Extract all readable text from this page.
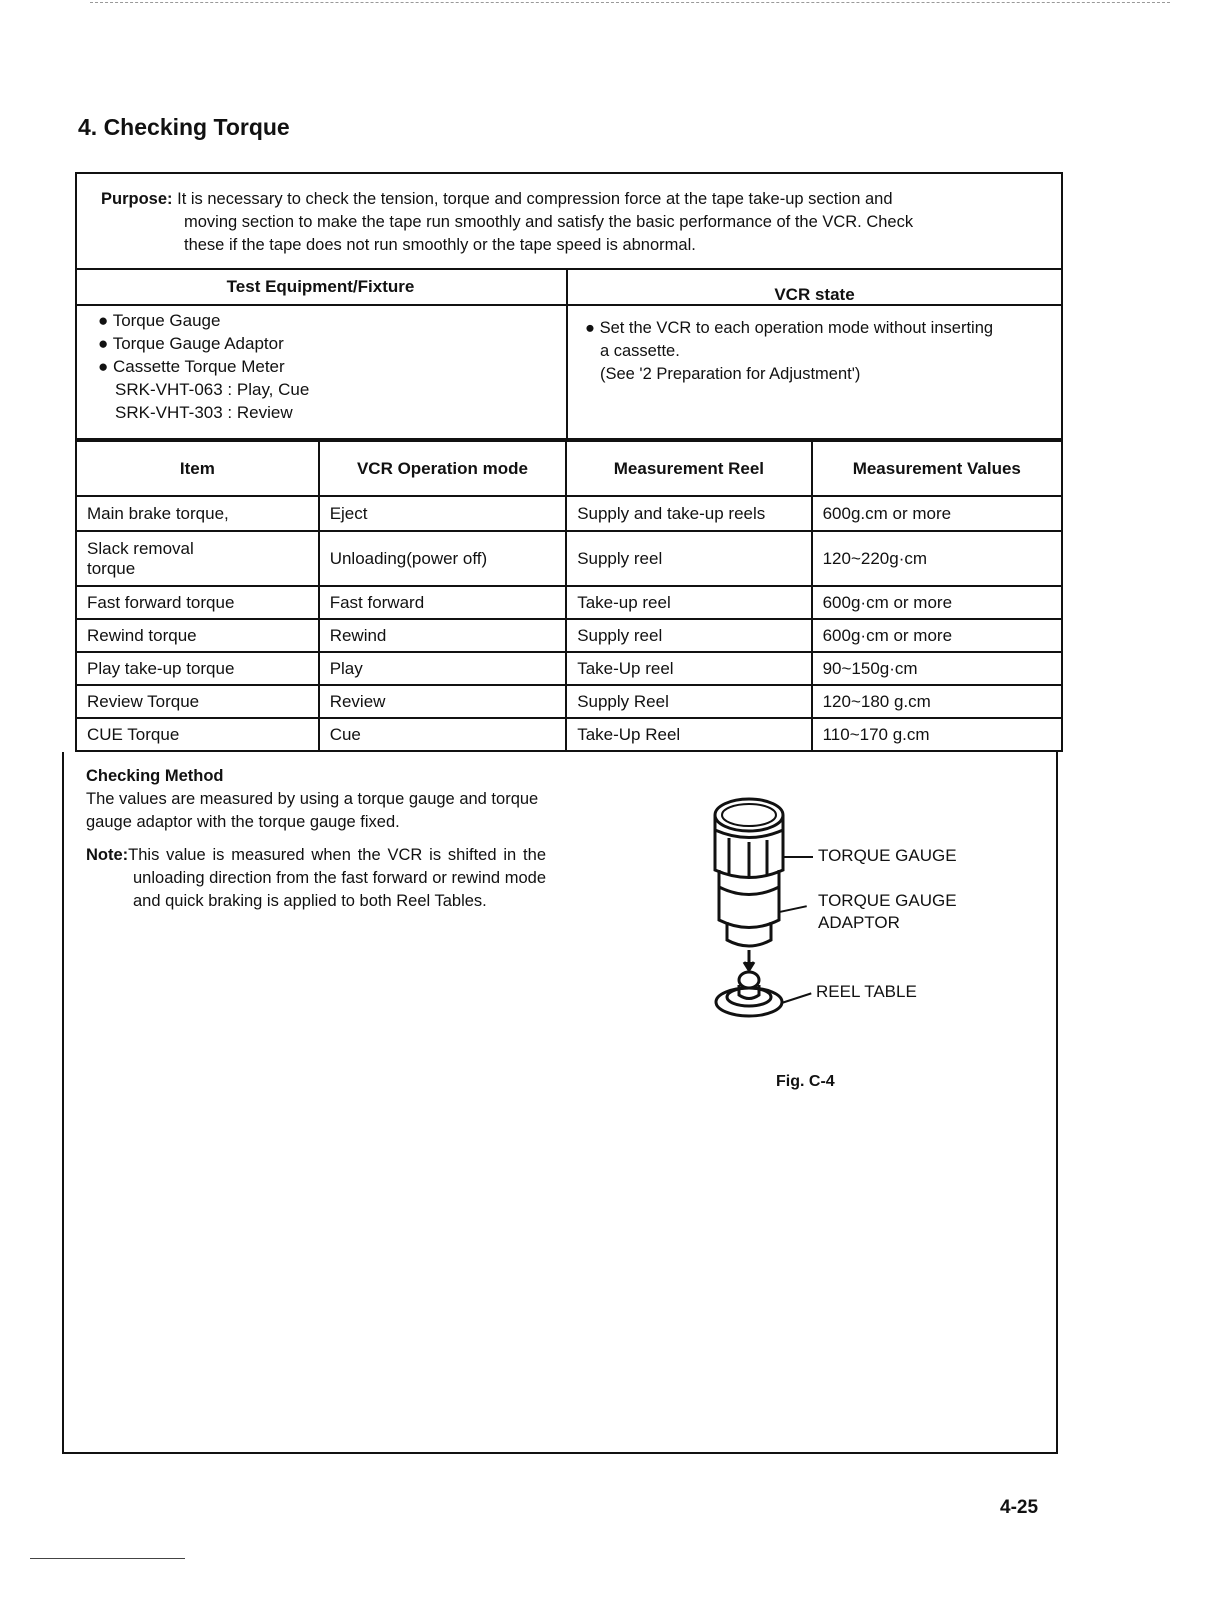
4. Checking Torque
Purpose: It is necessary to check the tension, torque and compression force at the tape take-up section and
moving section to make the tape run smoothly and satisfy the basic performance of the VCR. Check
these if the tape does not run smoothly or the tape speed is abnormal.
Test Equipment/Fixture	VCR state
● Torque Gauge
● Torque Gauge Adaptor
● Cassette Torque Meter
SRK-VHT-063 : Play, Cue
SRK-VHT-303 : Review
● Set the VCR to each operation mode without inserting
a cassette.
(See '2 Preparation for Adjustment')
Item	VCR Operation mode	Measurement Reel	Measurement Values
Main brake torque,	Eject	Supply and take-up reels	600g.cm or more
Slack removal torque	Unloading(power off)	Supply reel	120~220g·cm
Fast forward torque	Fast forward	Take-up reel	600g·cm or more
Rewind torque	Rewind	Supply reel	600g·cm or more
Play take-up torque	Play	Take-Up reel	90~150g·cm
Review Torque	Review	Supply Reel	120~180 g.cm
CUE Torque	Cue	Take-Up Reel	110~170 g.cm
Checking Method
The values are measured by using a torque gauge and torque gauge adaptor with the torque gauge fixed.
Note:This value is measured when the VCR is shifted in the unloading direction from the fast forward or rewind mode and quick braking is applied to both Reel Tables.
TORQUE GAUGE
TORQUE GAUGE ADAPTOR
REEL TABLE
Fig. C-4
4-25
